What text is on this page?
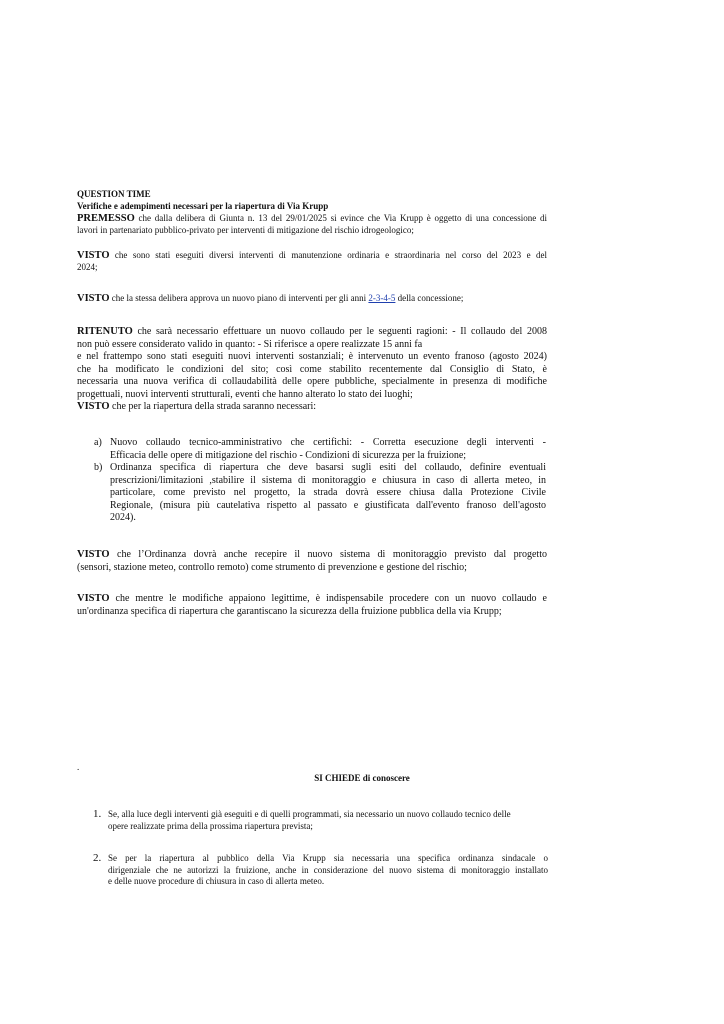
QUESTION TIME
Verifiche e adempimenti necessari per la riapertura di Via Krupp
PREMESSO che dalla delibera di Giunta n. 13 del 29/01/2025 si evince che Via Krupp è oggetto di una concessione di
lavori in partenariato pubblico-privato per interventi di mitigazione del rischio idrogeologico;
VISTO che sono stati eseguiti diversi interventi di manutenzione ordinaria e straordinaria nel corso del 2023 e del
2024;
VISTO che la stessa delibera approva un nuovo piano di interventi per gli anni 2-3-4-5 della concessione;
RITENUTO che sarà necessario effettuare un nuovo collaudo per le seguenti ragioni: - Il collaudo del 2008
non può essere considerato valido in quanto: - Si riferisce a opere realizzate 15 anni fa
e nel frattempo sono stati eseguiti nuovi interventi sostanziali; è intervenuto un evento franoso (agosto 2024)
che ha modificato le condizioni del sito; così come stabilito recentemente dal Consiglio di Stato, è
necessaria una nuova verifica di collaudabilità delle opere pubbliche, specialmente in presenza di modifiche
progettuali, nuovi interventi strutturali, eventi che hanno alterato lo stato dei luoghi;
VISTO che per la riapertura della strada saranno necessari:
a) Nuovo collaudo tecnico-amministrativo che certifichi: - Corretta esecuzione degli interventi -
Efficacia delle opere di mitigazione del rischio - Condizioni di sicurezza per la fruizione;
b) Ordinanza specifica di riapertura che deve basarsi sugli esiti del collaudo, definire eventuali
prescrizioni/limitazioni ,stabilire il sistema di monitoraggio e chiusura in caso di allerta meteo, in
particolare, come previsto nel progetto, la strada dovrà essere chiusa dalla Protezione Civile
Regionale, (misura più cautelativa rispetto al passato e giustificata dall'evento franoso dell'agosto
2024).
VISTO che l’Ordinanza dovrà anche recepire il nuovo sistema di monitoraggio previsto dal progetto
(sensori, stazione meteo, controllo remoto) come strumento di prevenzione e gestione del rischio;
VISTO che mentre le modifiche appaiono legittime, è indispensabile procedere con un nuovo collaudo e
un'ordinanza specifica di riapertura che garantiscano la sicurezza della fruizione pubblica della via Krupp;
.
SI CHIEDE di conoscere
1. Se, alla luce degli interventi già eseguiti e di quelli programmati, sia necessario un nuovo collaudo tecnico delle
opere realizzate prima della prossima riapertura prevista;
2. Se per la riapertura al pubblico della Via Krupp sia necessaria una specifica ordinanza sindacale o
dirigenziale che ne autorizzi la fruizione, anche in considerazione del nuovo sistema di monitoraggio installato
e delle nuove procedure di chiusura in caso di allerta meteo.
